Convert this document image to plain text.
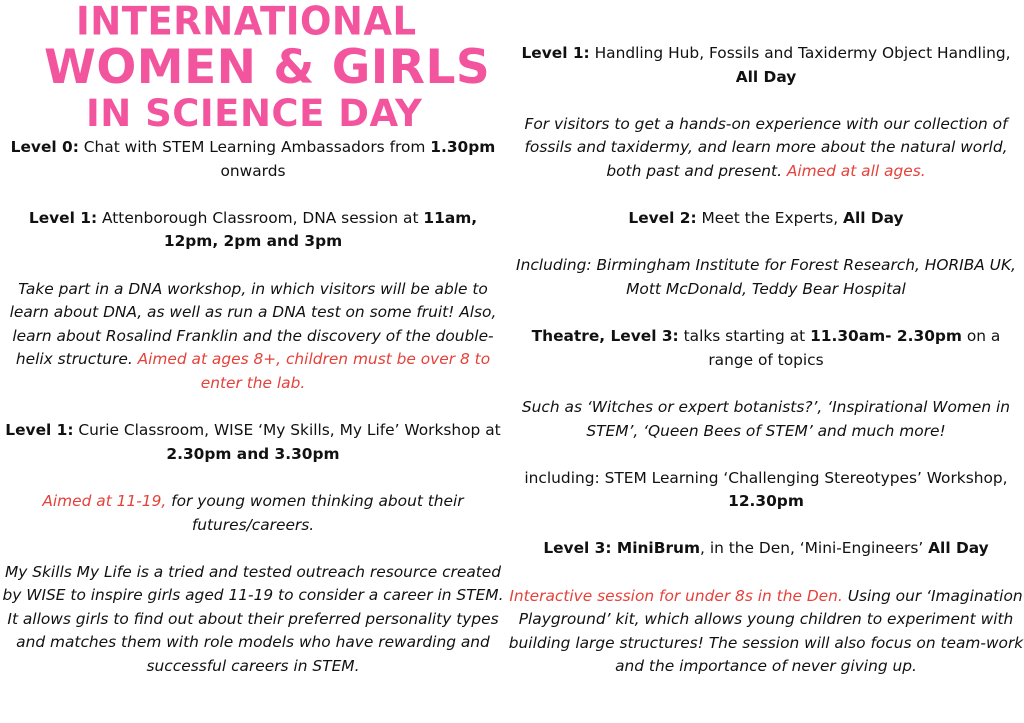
INTERNATIONAL
WOMEN & GIRLS
IN SCIENCE DAY

Level 0: Chat with STEM Learning Ambassadors from 1.30pm onwards

Level 1: Attenborough Classroom, DNA session at 11am, 12pm, 2pm and 3pm

Take part in a DNA workshop, in which visitors will be able to learn about DNA, as well as run a DNA test on some fruit! Also, learn about Rosalind Franklin and the discovery of the double-helix structure. Aimed at ages 8+, children must be over 8 to enter the lab.

Level 1: Curie Classroom, WISE ‘My Skills, My Life’ Workshop at 2.30pm and 3.30pm

Aimed at 11-19, for young women thinking about their futures/careers.

My Skills My Life is a tried and tested outreach resource created by WISE to inspire girls aged 11-19 to consider a career in STEM. It allows girls to find out about their preferred personality types and matches them with role models who have rewarding and successful careers in STEM.

Level 1: Handling Hub, Fossils and Taxidermy Object Handling, All Day

For visitors to get a hands-on experience with our collection of fossils and taxidermy, and learn more about the natural world, both past and present. Aimed at all ages.

Level 2: Meet the Experts, All Day

Including: Birmingham Institute for Forest Research, HORIBA UK, Mott McDonald, Teddy Bear Hospital

Theatre, Level 3: talks starting at 11.30am- 2.30pm on a range of topics

Such as ‘Witches or expert botanists?’, ‘Inspirational Women in STEM’, ‘Queen Bees of STEM’ and much more!

including: STEM Learning ‘Challenging Stereotypes’ Workshop, 12.30pm

Level 3: MiniBrum, in the Den, ‘Mini-Engineers’ All Day

Interactive session for under 8s in the Den. Using our ‘Imagination Playground’ kit, which allows young children to experiment with building large structures! The session will also focus on team-work and the importance of never giving up.
